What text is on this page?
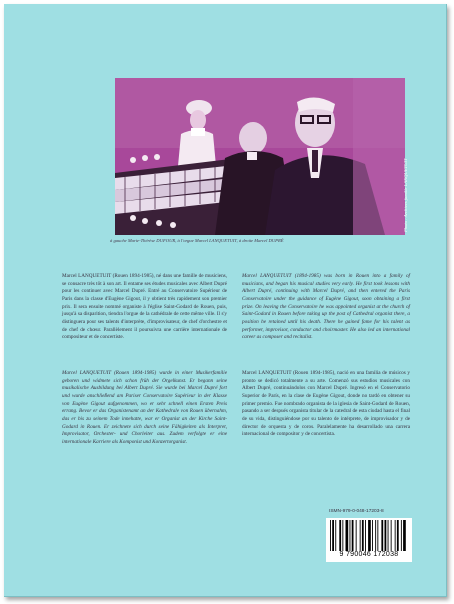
Photo : Archives famille LANQUETUIT
à gauche Marie-Thérèse DUFOUR, à l'orgue Marcel LANQUETUIT, à droite Marcel DUPRÉ
Marcel LANQUETUIT (Rouen 1894-1985), né dans une famille de musiciens, se consacre très tôt à son art. Il entame ses études musicales avec Albert Dupré pour les continuer avec Marcel Dupré. Entré au Conservatoire Supérieur de Paris dans la classe d'Eugène Gigout, il y obtient très rapidement son premier prix. Il sera ensuite nommé organiste à l'église Saint-Godard de Rouen, puis, jusqu'à sa disparition, tiendra l'orgue de la cathédrale de cette même ville. Il s'y distinguera pour ses talents d'interprète, d'improvisateur, de chef d'orchestre et de chef de chœur. Parallèlement il poursuivra une carrière internationale de compositeur et de concertiste.
Marcel LANQUETUIT (1894-1985) was born in Rouen into a family of musicians, and began his musical studies very early. He first took lessons with Albert Dupré, continuing with Marcel Dupré, and then entered the Paris Conservatoire under the guidance of Eugène Gigout, soon obtaining a first prize. On leaving the Conservatoire he was appointed organist at the church of Saint-Godard in Rouen before taking up the post of Cathedral organist there, a position he retained until his death. There he gained fame for his talent as performer, improvisor, conductor and choirmaster. He also led an international career as composer and recitalist.
Marcel LANQUETUIT (Rouen 1894-1985) wurde in einer Musikerfamilie geboren und widmete sich schon früh der Orgelkunst. Er begann seine musikalische Ausbildung bei Albert Dupré. Sie wurde bei Marcel Dupré fort und wurde anschließend am Pariser Conservatoire Supérieur in der Klasse von Eugène Gigout aufgenommen, wo er sehr schnell einen Ersten Preis errang. Bevor er das Organistenamt an der Kathedrale von Rouen übernahm, das er bis zu seinem Tode innehatte, war er Organist an der Kirche Saint-Godard in Rouen. Er zeichnete sich durch seine Fähigkeiten als Interpret, Improvisator, Orchester- und Chorleiter aus. Zudem verfolgte er eine internationale Karriere als Komponist und Konzertorganist.
Marcel LANQUETUIT (Rouen 1894-1985), nació en una familia de músicos y pronto se dedicó totalmente a su arte. Comenzó sus estudios musicales con Albert Dupré, continuándolos con Marcel Dupré. Ingresó en el Conservatorio Superior de París, en la clase de Eugène Gigout, donde no tardó en obtener su primer premio. Fue nombrado organista de la iglesia de Saint-Godard de Rouen, pasando a ser después organista titular de la catedral de esta ciudad hasta el final de su vida, distinguiéndose por su talento de intérprete, de improvisador y de director de orquesta y de coros. Paralelamente ha desarrollado una carrera internacional de compositor y de concertista.
ISMN-979-0-048-17203-8
9 790046 172038
